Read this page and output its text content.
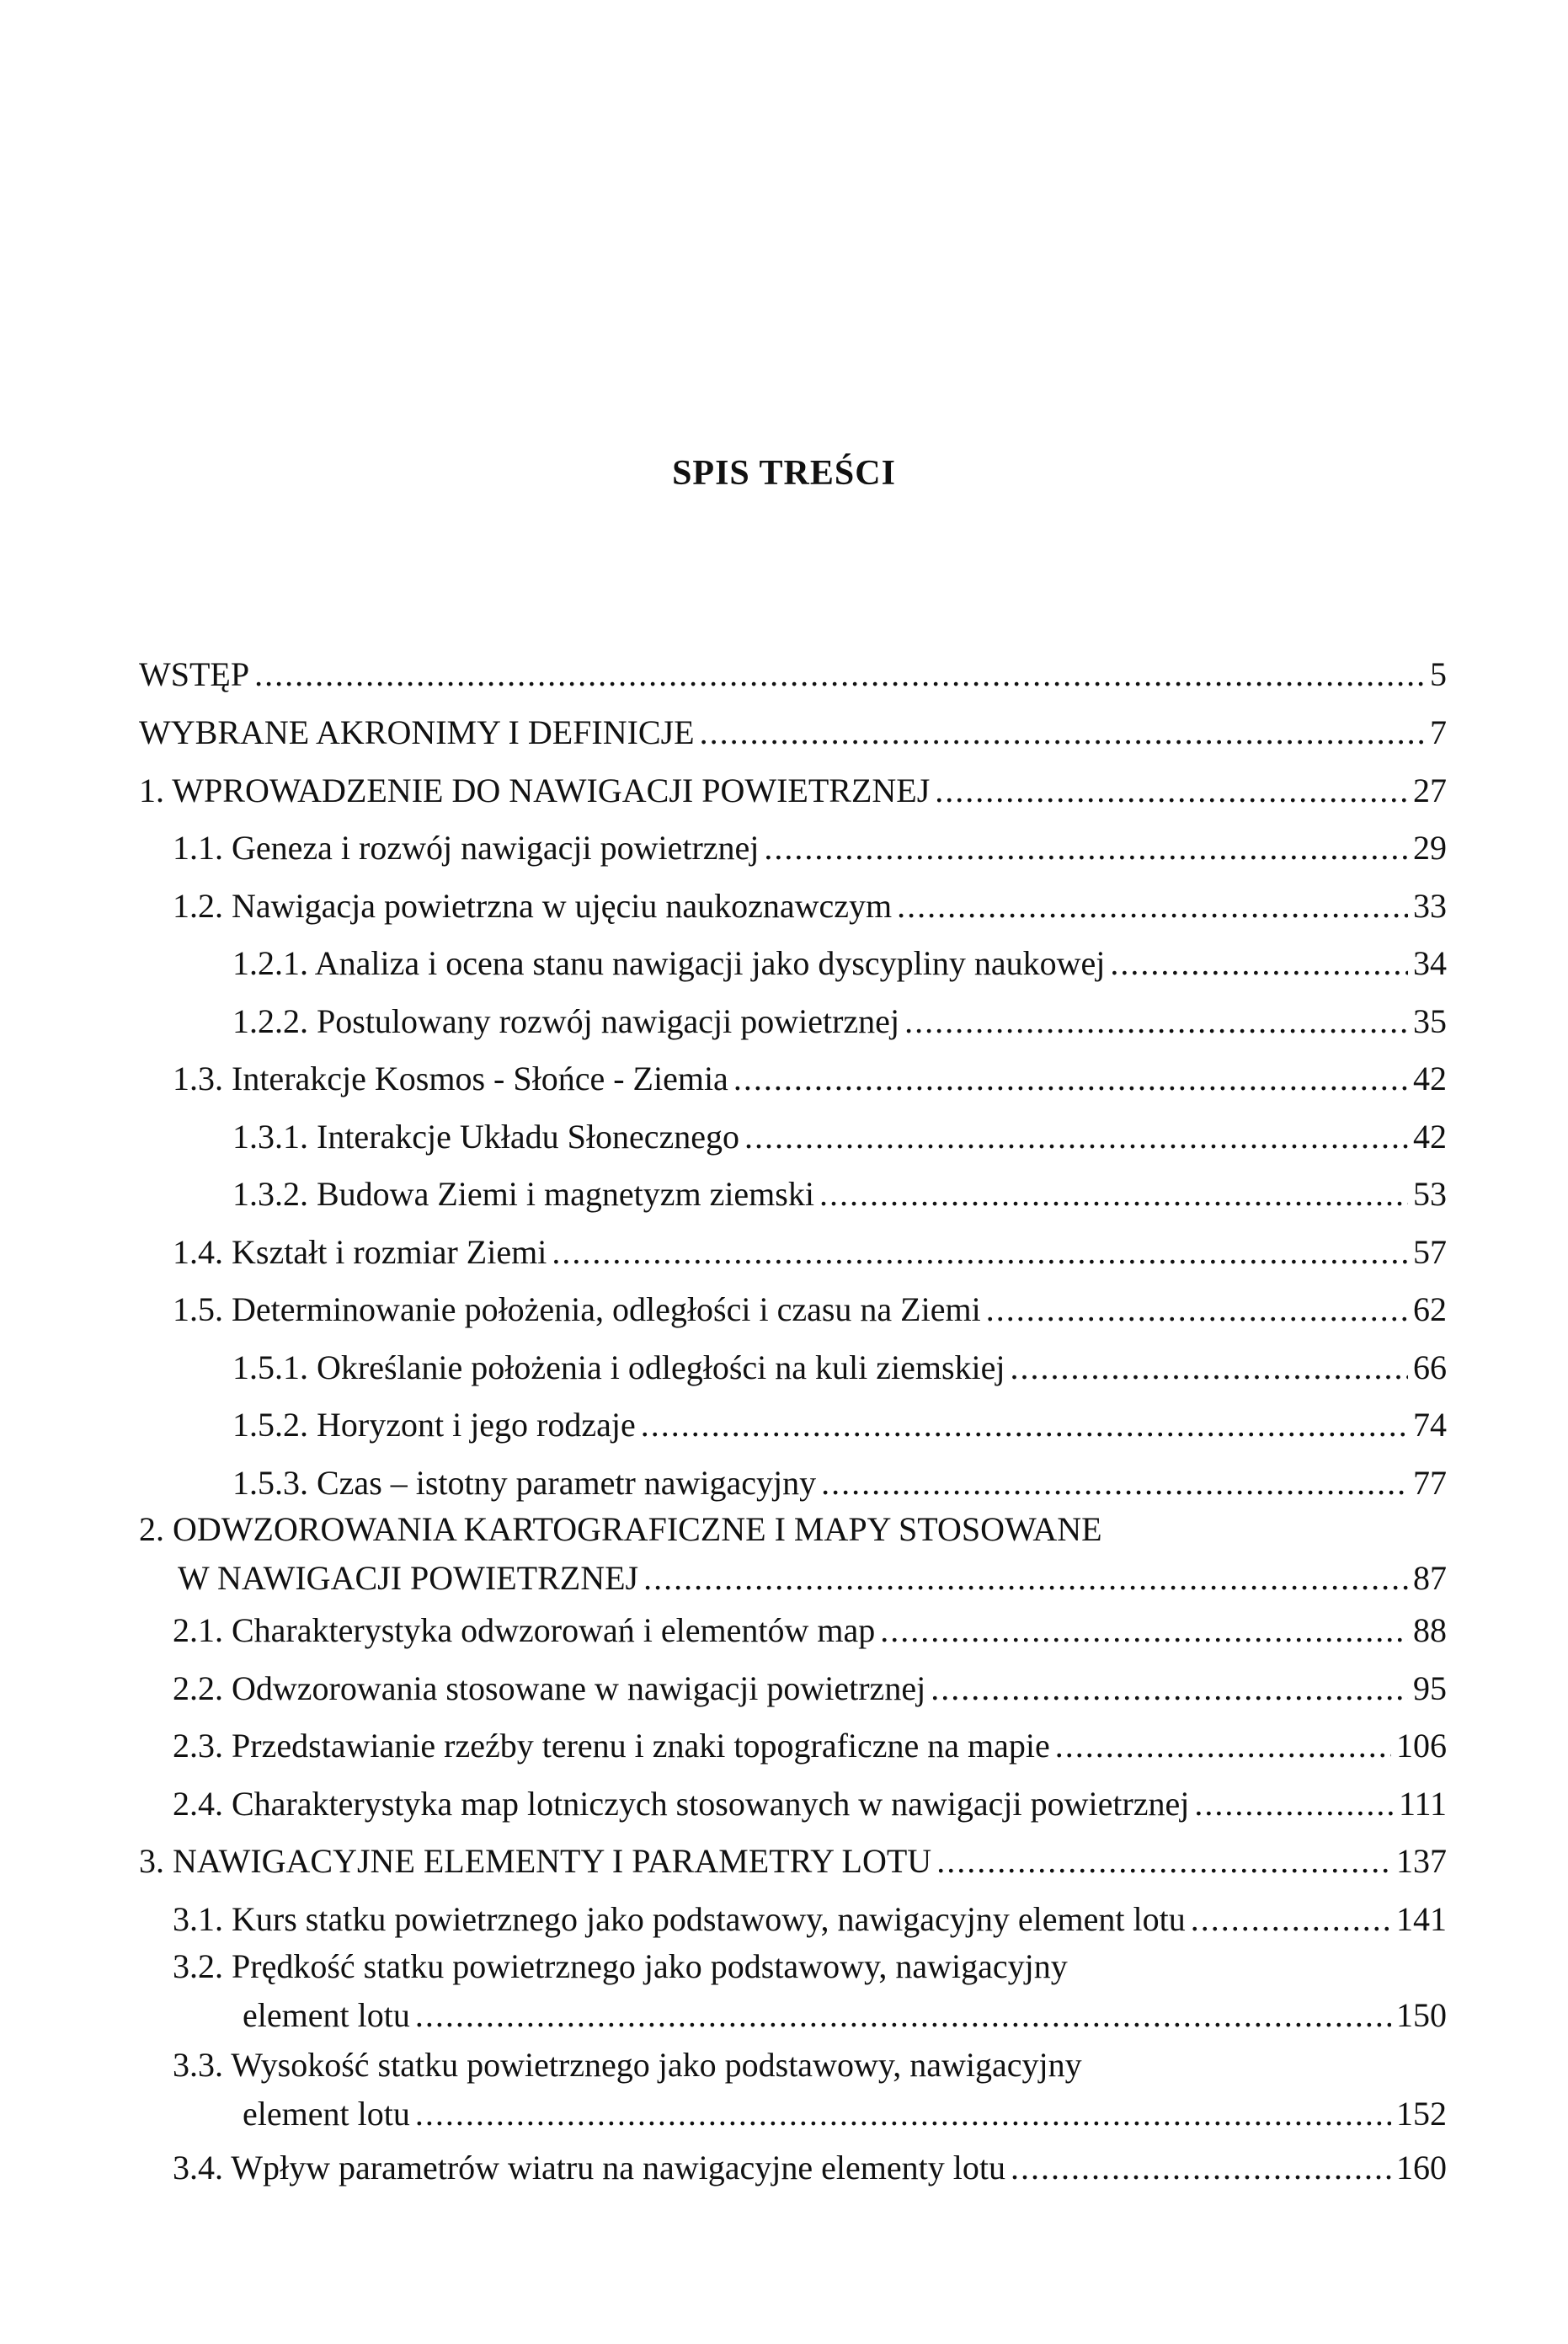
SPIS TREŚCI
WSTĘP . . .	5
WYBRANE AKRONIMY I DEFINICJE . . .	7
1. WPROWADZENIE DO NAWIGACJI POWIETRZNEJ . . .	27
1.1. Geneza i rozwój nawigacji powietrznej . . .	29
1.2. Nawigacja powietrzna w ujęciu naukoznawczym . . .	33
1.2.1. Analiza i ocena stanu nawigacji jako dyscypliny naukowej . . .	34
1.2.2. Postulowany rozwój nawigacji powietrznej . . .	35
1.3. Interakcje Kosmos - Słońce - Ziemia . . .	42
1.3.1. Interakcje Układu Słonecznego . . .	42
1.3.2. Budowa Ziemi i magnetyzm ziemski . . .	53
1.4. Kształt i rozmiar Ziemi . . .	57
1.5. Determinowanie położenia, odległości i czasu na Ziemi . . .	62
1.5.1. Określanie położenia i odległości na kuli ziemskiej . . .	66
1.5.2. Horyzont i jego rodzaje . . .	74
1.5.3. Czas – istotny parametr nawigacyjny . . .	77
2. ODWZOROWANIA KARTOGRAFICZNE I MAPY STOSOWANE
W NAWIGACJI POWIETRZNEJ . . .	87
2.1. Charakterystyka odwzorowań i elementów map . . .	88
2.2. Odwzorowania stosowane w nawigacji powietrznej . . .	95
2.3. Przedstawianie rzeźby terenu i znaki topograficzne na mapie . . .	106
2.4. Charakterystyka map lotniczych stosowanych w nawigacji powietrznej . . .	111
3. NAWIGACYJNE ELEMENTY I PARAMETRY LOTU . . .	137
3.1. Kurs statku powietrznego jako podstawowy, nawigacyjny element lotu . . .	141
3.2. Prędkość statku powietrznego jako podstawowy, nawigacyjny
element lotu . . .	150
3.3. Wysokość statku powietrznego jako podstawowy, nawigacyjny
element lotu . . .	152
3.4. Wpływ parametrów wiatru na nawigacyjne elementy lotu . . .	160
